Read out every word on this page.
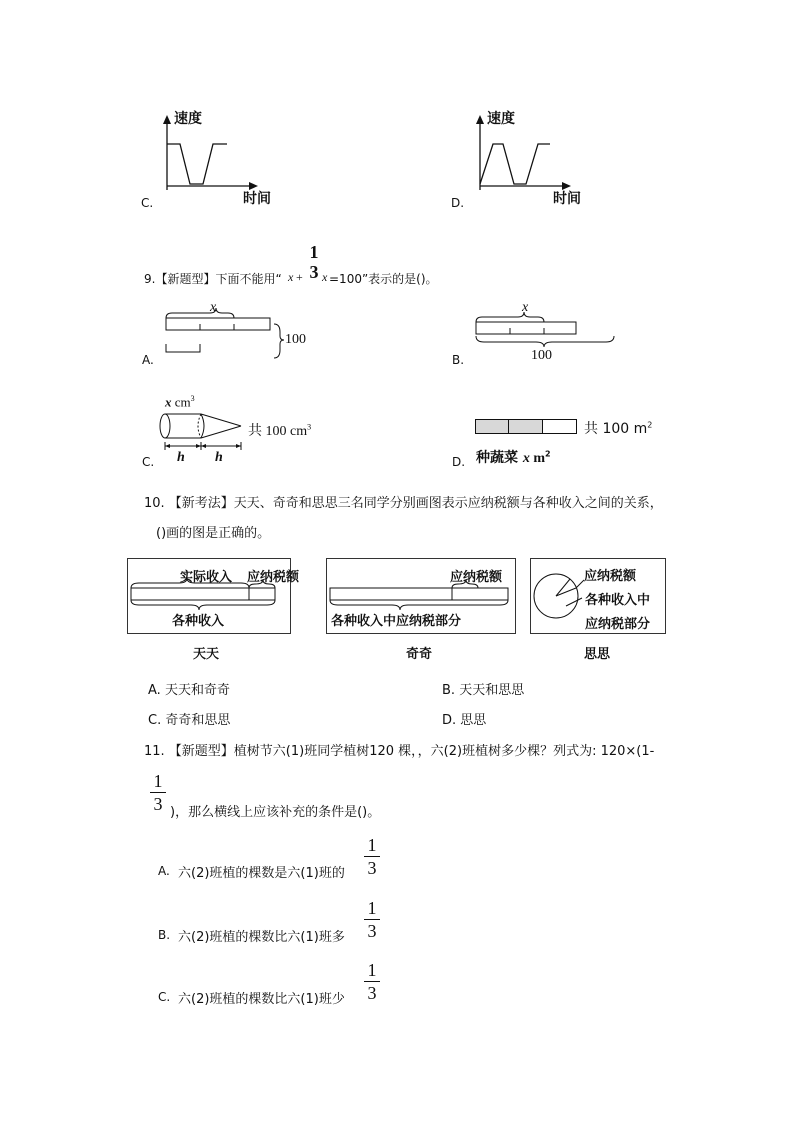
速度
时间
C.
速度
时间
D.
9.【新题型】下面不能用“ x +
1
3 x =100”表示的是()。
x
100
A.
x
100
B.
x $cm^3$
共 100 $cm^3$
h h
C.
共 100 $m^2$
种蔬菜 x $m^2$
D.
10. 【新考法】天天、奇奇和思思三名同学分别画图表示应纳税额与各种收入之间的关系，
()画的图是正确的。
实际收入 应纳税额
各种收入
天天
应纳税额
各种收入中应纳税部分
奇奇
应纳税额
各种收入中
应纳税部分
思思
A. 天天和奇奇	B. 天天和思思
C. 奇奇和思思	D. 思思
11. 【新题型】植树节六(1)班同学植树120 棵，，六(2)班植树多少棵？列式为: 120×(1-
1
3 )，那么横线上应该补充的条件是()。
A. 六(2)班植的棵数是六(1)班的
1
3
B. 六(2)班植的棵数比六(1)班多
1
3
C. 六(2)班植的棵数比六(1)班少
1
3
